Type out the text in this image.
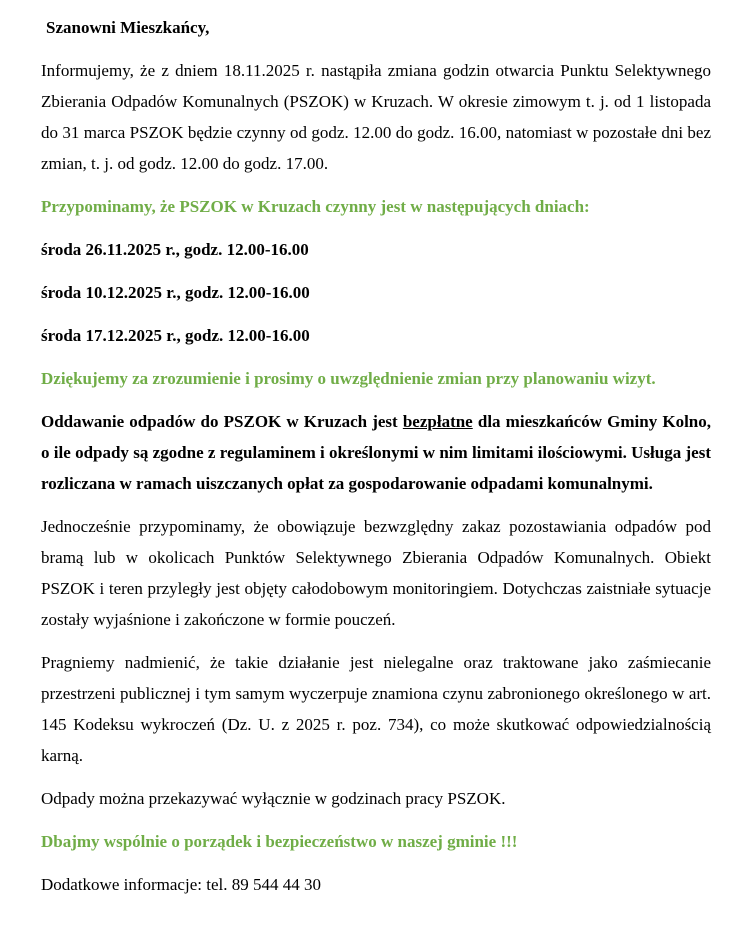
Szanowni Mieszkańcy,

Informujemy, że z dniem 18.11.2025 r. nastąpiła zmiana godzin otwarcia Punktu Selektywnego Zbierania Odpadów Komunalnych (PSZOK) w Kruzach. W okresie zimowym t. j. od 1 listopada do 31 marca PSZOK będzie czynny od godz. 12.00 do godz. 16.00, natomiast w pozostałe dni bez zmian, t. j. od godz. 12.00 do godz. 17.00.

Przypominamy, że PSZOK w Kruzach czynny jest w następujących dniach:

środa 26.11.2025 r., godz. 12.00-16.00

środa 10.12.2025 r., godz. 12.00-16.00

środa 17.12.2025 r., godz. 12.00-16.00

Dziękujemy za zrozumienie i prosimy o uwzględnienie zmian przy planowaniu wizyt.

Oddawanie odpadów do PSZOK w Kruzach jest bezpłatne dla mieszkańców Gminy Kolno, o ile odpady są zgodne z regulaminem i określonymi w nim limitami ilościowymi. Usługa jest rozliczana w ramach uiszczanych opłat za gospodarowanie odpadami komunalnymi.

Jednocześnie przypominamy, że obowiązuje bezwzględny zakaz pozostawiania odpadów pod bramą lub w okolicach Punktów Selektywnego Zbierania Odpadów Komunalnych. Obiekt PSZOK i teren przyległy jest objęty całodobowym monitoringiem. Dotychczas zaistniałe sytuacje zostały wyjaśnione i zakończone w formie pouczeń.

Pragniemy nadmienić, że takie działanie jest nielegalne oraz traktowane jako zaśmiecanie przestrzeni publicznej i tym samym wyczerpuje znamiona czynu zabronionego określonego w art. 145 Kodeksu wykroczeń (Dz. U. z 2025 r. poz. 734), co może skutkować odpowiedzialnością karną.

Odpady można przekazywać wyłącznie w godzinach pracy PSZOK.

Dbajmy wspólnie o porządek i bezpieczeństwo w naszej gminie !!!

Dodatkowe informacje: tel. 89 544 44 30
